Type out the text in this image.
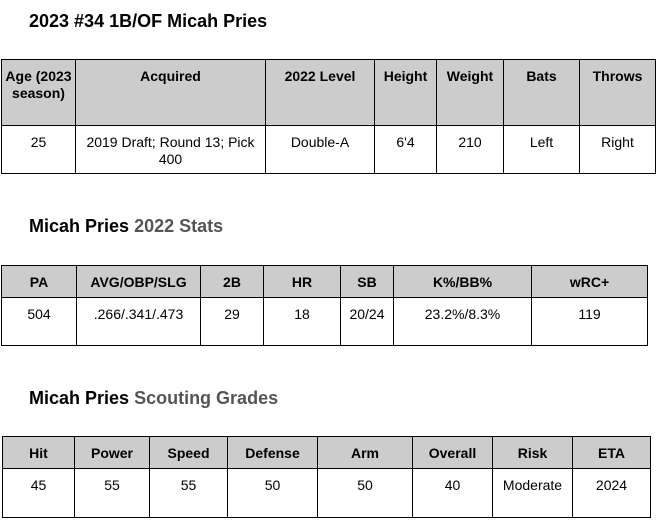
2023 #34 1B/OF Micah Pries
Age (2023 season)	Acquired	2022 Level	Height	Weight	Bats	Throws
25	2019 Draft; Round 13; Pick 400	Double-A	6'4	210	Left	Right
Micah Pries 2022 Stats
PA	AVG/OBP/SLG	2B	HR	SB	K%/BB%	wRC+
504	.266/.341/.473	29	18	20/24	23.2%/8.3%	119
Micah Pries Scouting Grades
Hit	Power	Speed	Defense	Arm	Overall	Risk	ETA
45	55	55	50	50	40	Moderate	2024
